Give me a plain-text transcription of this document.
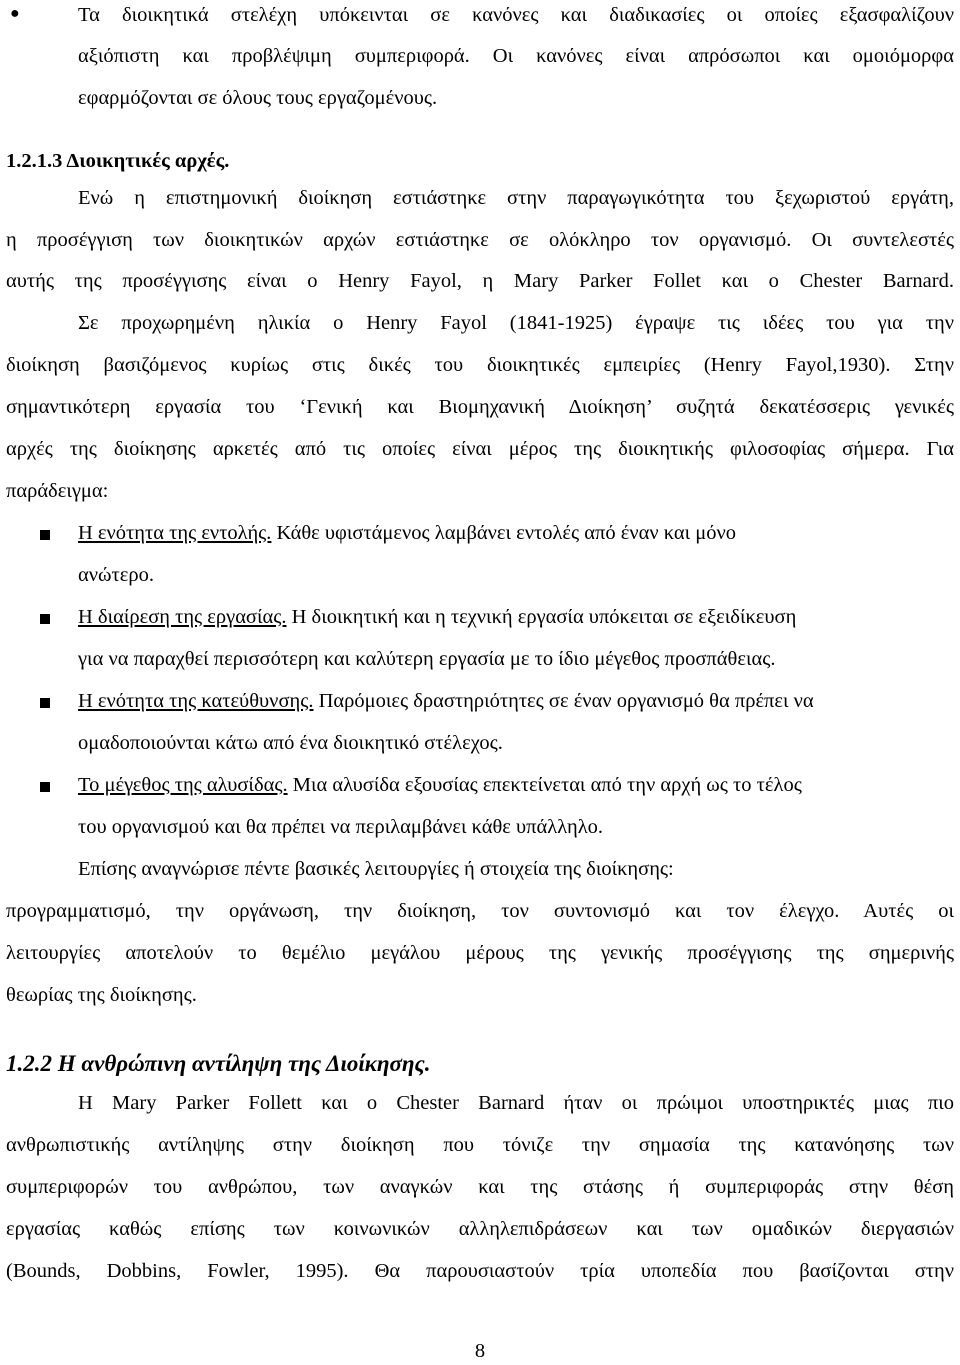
●	Τα διοικητικά στελέχη υπόκεινται σε κανόνες και διαδικασίες οι οποίες εξασφαλίζουν
αξιόπιστη και προβλέψιμη συμπεριφορά. Οι κανόνες είναι απρόσωποι και ομοιόμορφα
εφαρμόζονται σε όλους τους εργαζομένους.
1.2.1.3 Διοικητικές αρχές.
Ενώ η επιστημονική διοίκηση εστιάστηκε στην παραγωγικότητα του ξεχωριστού εργάτη,
η προσέγγιση των διοικητικών αρχών εστιάστηκε σε ολόκληρο τον οργανισμό. Οι συντελεστές
αυτής της προσέγγισης είναι ο Henry Fayol, η Mary Parker Follet και ο Chester Barnard.
Σε προχωρημένη ηλικία ο Henry Fayol (1841-1925) έγραψε τις ιδέες του για την
διοίκηση βασιζόμενος κυρίως στις δικές του διοικητικές εμπειρίες (Henry Fayol,1930). Στην
σημαντικότερη εργασία του ‘Γενική και Βιομηχανική Διοίκηση’ συζητά δεκατέσσερις γενικές
αρχές της διοίκησης αρκετές από τις οποίες είναι μέρος της διοικητικής φιλοσοφίας σήμερα. Για
παράδειγμα:
Η ενότητα της εντολής. Κάθε υφιστάμενος λαμβάνει εντολές από έναν και μόνο
ανώτερο.
Η διαίρεση της εργασίας. Η διοικητική και η τεχνική εργασία υπόκειται σε εξειδίκευση
για να παραχθεί περισσότερη και καλύτερη εργασία με το ίδιο μέγεθος προσπάθειας.
Η ενότητα της κατεύθυνσης. Παρόμοιες δραστηριότητες σε έναν οργανισμό θα πρέπει να
ομαδοποιούνται κάτω από ένα διοικητικό στέλεχος.
Το μέγεθος της αλυσίδας. Μια αλυσίδα εξουσίας επεκτείνεται από την αρχή ως το τέλος
του οργανισμού και θα πρέπει να περιλαμβάνει κάθε υπάλληλο.
Επίσης αναγνώρισε πέντε βασικές λειτουργίες ή στοιχεία της διοίκησης:
προγραμματισμό, την οργάνωση, την διοίκηση, τον συντονισμό και τον έλεγχο. Αυτές οι
λειτουργίες αποτελούν το θεμέλιο μεγάλου μέρους της γενικής προσέγγισης της σημερινής
θεωρίας της διοίκησης.
1.2.2 Η ανθρώπινη αντίληψη της Διοίκησης.
Η Mary Parker Follett και ο Chester Barnard ήταν οι πρώιμοι υποστηρικτές μιας πιο
ανθρωπιστικής αντίληψης στην διοίκηση που τόνιζε την σημασία της κατανόησης των
συμπεριφορών του ανθρώπου, των αναγκών και της στάσης ή συμπεριφοράς στην θέση
εργασίας καθώς επίσης των κοινωνικών αλληλεπιδράσεων και των ομαδικών διεργασιών
(Bounds, Dobbins, Fowler, 1995). Θα παρουσιαστούν τρία υποπεδία που βασίζονται στην
8
